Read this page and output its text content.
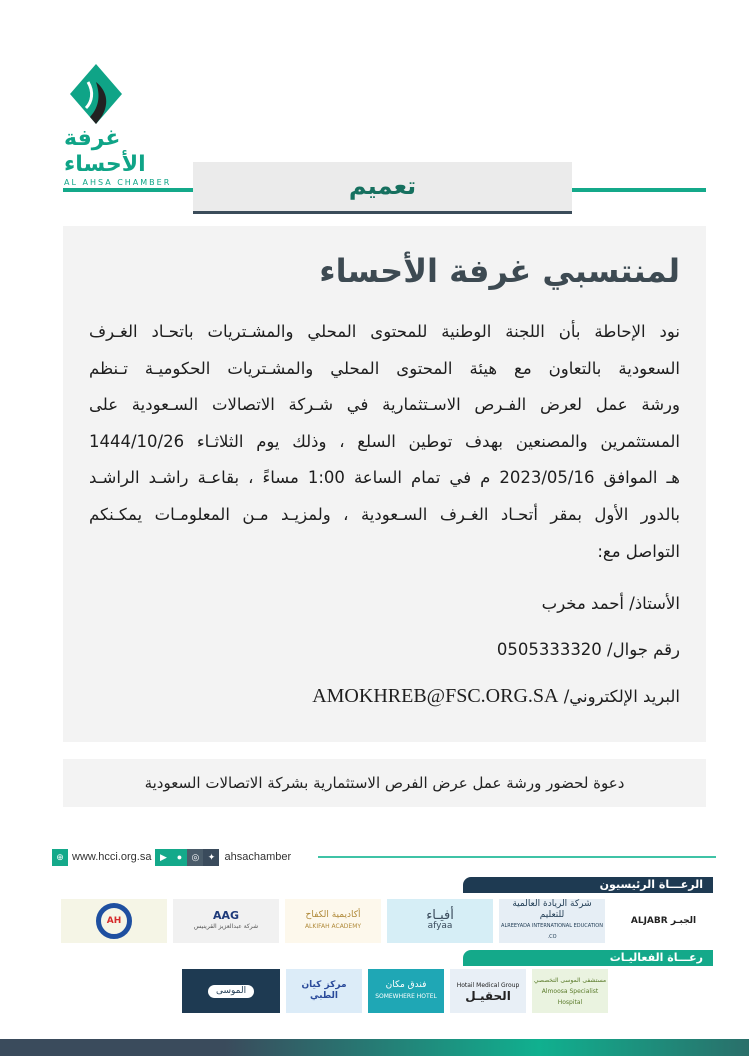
غرفة الأحساء
AL AHSA CHAMBER	تعميم
لمنتسبي غرفة الأحساء
نود الإحاطة بأن اللجنة الوطنية للمحتوى المحلي والمشـتريات باتحـاد الغـرف
السعودية بالتعاون مع هيئة المحتوى المحلي والمشـتريات الحكوميـة تـنظم
ورشة عمل لعرض الفـرص الاسـتثمارية في شـركة الاتصالات السـعودية على
المستثمرين والمصنعين بهدف توطين السلع ، وذلك يوم الثلاثـاء 1444/10/26
هـ الموافق 2023/05/16 م في تمام الساعة 1:00 مساءً ، بقاعـة راشـد الراشـد
بالدور الأول بمقر أتحـاد الغـرف السـعودية ، ولمزيـد مـن المعلومـات يمكـنكم
التواصل مع:
الأستاذ/ أحمد مخرب
رقم جوال/ 0505333320
البريد الإلكتروني/ AMOKHREB@FSC.ORG.SA
دعوة لحضور ورشة عمل عرض الفرص الاستثمارية بشركة الاتصالات السعودية
⊕ www.hcci.org.sa ▶	●	◎ ✦ ahsachamber
الرعـــاة الرئيسيون
الجبـر ALJABR
شركة الريادة العالمية للتعليم
ALREEYADA INTERNATIONAL EDUCATION CO.
أفيـاء
afyaa
أكاديمية الكفاح
ALKIFAH ACADEMY
AAG
شركة عبدالعزيز القرينيس
AH
رعـــاة الفعاليـات
مستشفى الموسى التخصصي
Almoosa Specialist Hospital
Hotail Medical Group
الحقيـل
فندق مكان
SOMEWHERE HOTEL
مركز كيان الطبي
الموسى
